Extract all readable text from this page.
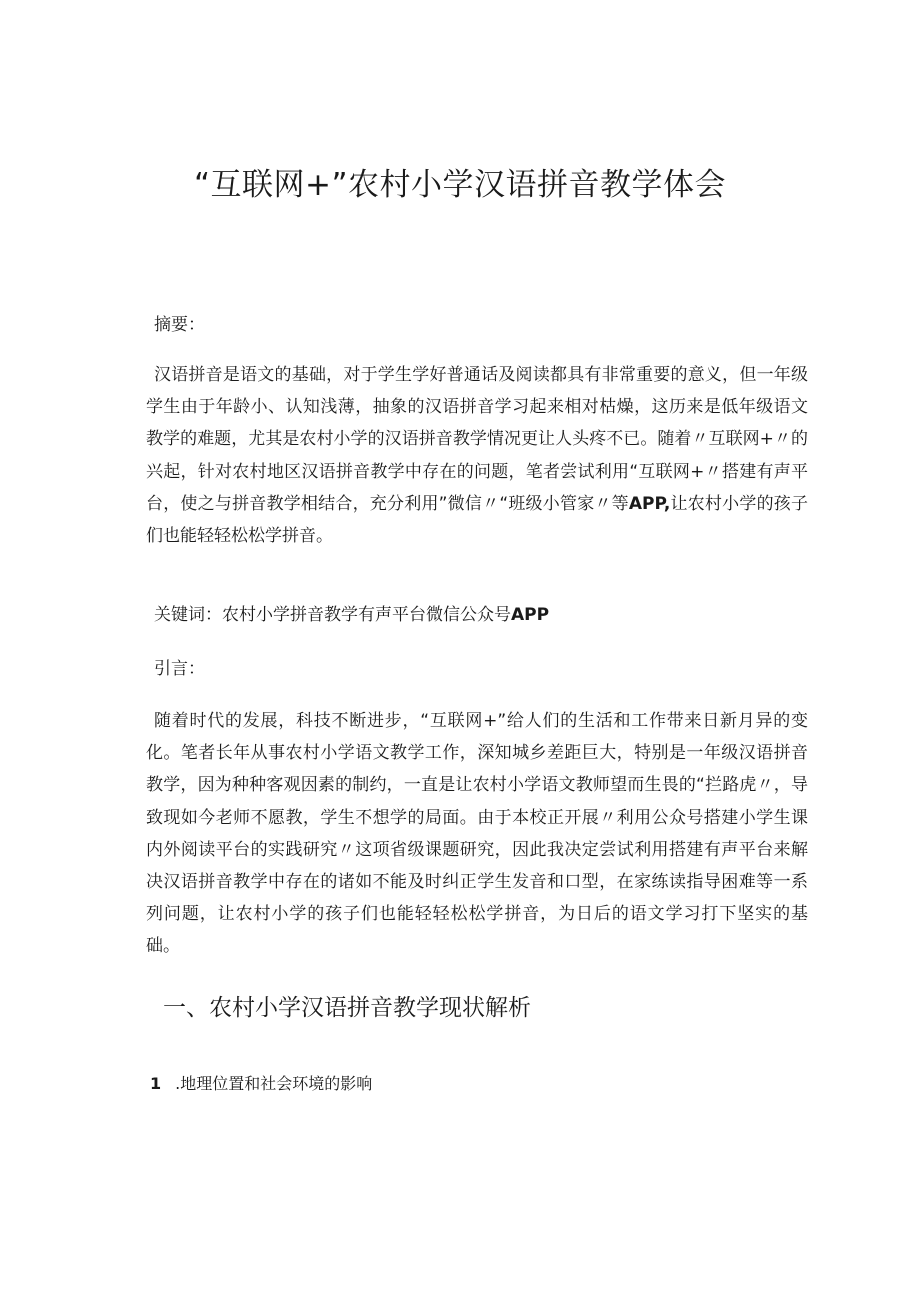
“互联网+”农村小学汉语拼音教学体会

摘要：

汉语拼音是语文的基础，对于学生学好普通话及阅读都具有非常重要的意义，但一年级学生由于年龄小、认知浅薄，抽象的汉语拼音学习起来相对枯燥，这历来是低年级语文教学的难题，尤其是农村小学的汉语拼音教学情况更让人头疼不已。随着〃互联网+〃的兴起，针对农村地区汉语拼音教学中存在的问题，笔者尝试利用“互联网+〃搭建有声平台，使之与拼音教学相结合，充分利用”微信〃“班级小管家〃等APP,让农村小学的孩子们也能轻轻松松学拼音。

关键词：农村小学拼音教学有声平台微信公众号APP

引言：

随着时代的发展，科技不断进步，“互联网+”给人们的生活和工作带来日新月异的变化。笔者长年从事农村小学语文教学工作，深知城乡差距巨大，特别是一年级汉语拼音教学，因为种种客观因素的制约，一直是让农村小学语文教师望而生畏的“拦路虎〃，导致现如今老师不愿教，学生不想学的局面。由于本校正开展〃利用公众号搭建小学生课内外阅读平台的实践研究〃这项省级课题研究，因此我决定尝试利用搭建有声平台来解决汉语拼音教学中存在的诸如不能及时纠正学生发音和口型，在家练读指导困难等一系列问题，让农村小学的孩子们也能轻轻松松学拼音，为日后的语文学习打下坚实的基础。

一、农村小学汉语拼音教学现状解析

1 .地理位置和社会环境的影响
